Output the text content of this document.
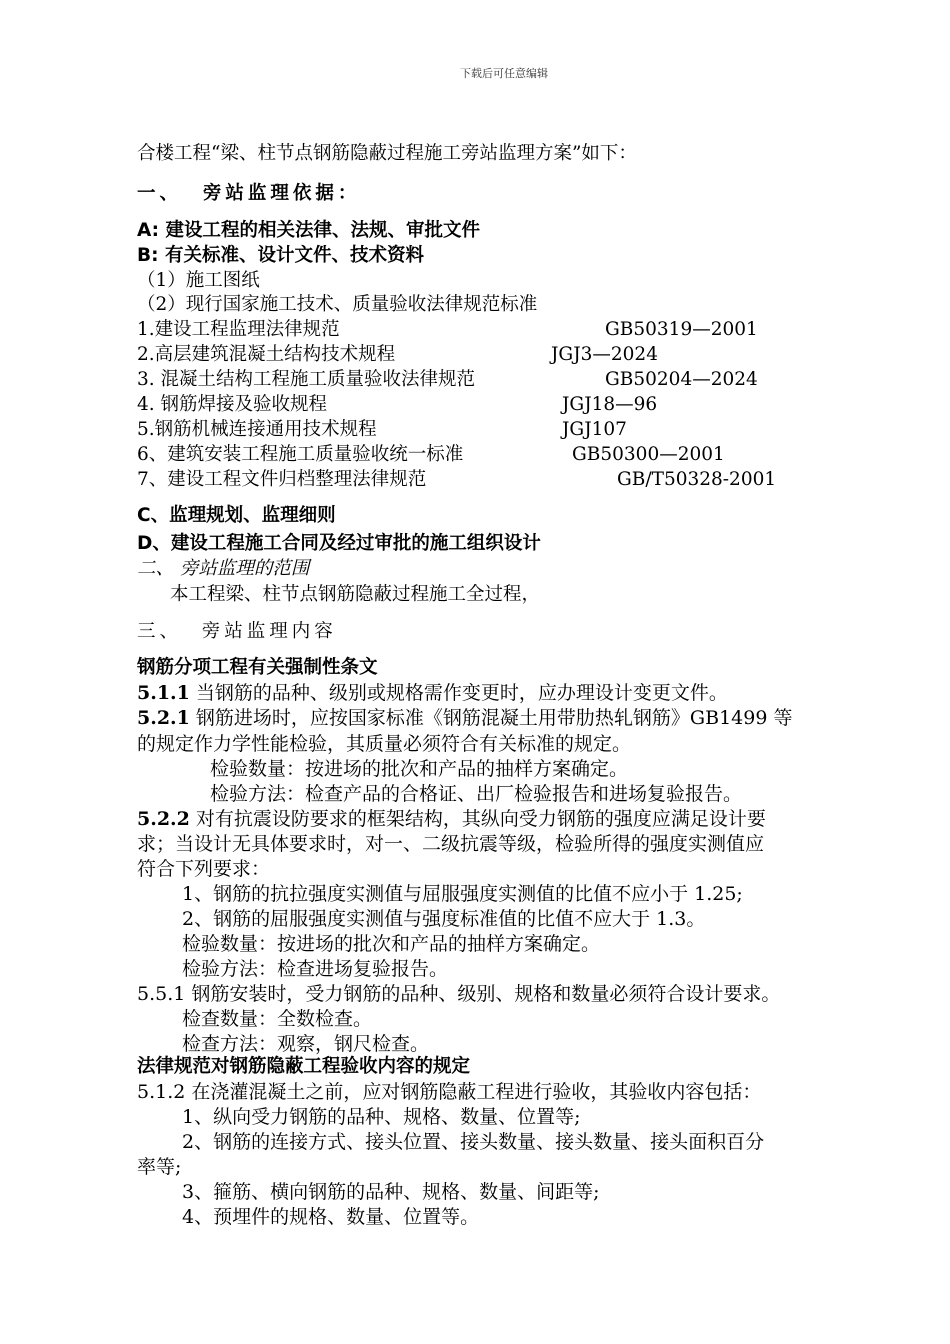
下载后可任意编辑
合楼工程“梁、柱节点钢筋隐蔽过程施工旁站监理方案”如下：
一、  旁站监理依据：
A: 建设工程的相关法律、法规、审批文件
B: 有关标准、设计文件、技术资料
（1）施工图纸
（2）现行国家施工技术、质量验收法律规范标准
1.建设工程监理法律规范	GB50319—2001
2.高层建筑混凝土结构技术规程	JGJ3—2024
3. 混凝土结构工程施工质量验收法律规范	GB50204—2024
4. 钢筋焊接及验收规程	JGJ18—96
5.钢筋机械连接通用技术规程	JGJ107
6、建筑安装工程施工质量验收统一标准	GB50300—2001
7、建设工程文件归档整理法律规范	GB/T50328-2001
C、监理规划、监理细则
D、建设工程施工合同及经过审批的施工组织设计
二、 旁站监理的范围
本工程梁、柱节点钢筋隐蔽过程施工全过程，
三、  旁站监理内容
钢筋分项工程有关强制性条文
5.1.1 当钢筋的品种、级别或规格需作变更时，应办理设计变更文件。
5.2.1 钢筋进场时，应按国家标准《钢筋混凝土用带肋热轧钢筋》GB1499 等
的规定作力学性能检验，其质量必须符合有关标准的规定。
检验数量：按进场的批次和产品的抽样方案确定。
检验方法：检查产品的合格证、出厂检验报告和进场复验报告。
5.2.2 对有抗震设防要求的框架结构，其纵向受力钢筋的强度应满足设计要
求；当设计无具体要求时，对一、二级抗震等级，检验所得的强度实测值应
符合下列要求：
1、钢筋的抗拉强度实测值与屈服强度实测值的比值不应小于 1.25;
2、钢筋的屈服强度实测值与强度标准值的比值不应大于 1.3。
检验数量：按进场的批次和产品的抽样方案确定。
检验方法：检查进场复验报告。
5.5.1 钢筋安装时，受力钢筋的品种、级别、规格和数量必须符合设计要求。
检查数量：全数检查。
检查方法：观察，钢尺检查。
法律规范对钢筋隐蔽工程验收内容的规定
5.1.2 在浇灌混凝土之前，应对钢筋隐蔽工程进行验收，其验收内容包括：
1、纵向受力钢筋的品种、规格、数量、位置等;
2、钢筋的连接方式、接头位置、接头数量、接头数量、接头面积百分
率等;
3、箍筋、横向钢筋的品种、规格、数量、间距等;
4、预埋件的规格、数量、位置等。
